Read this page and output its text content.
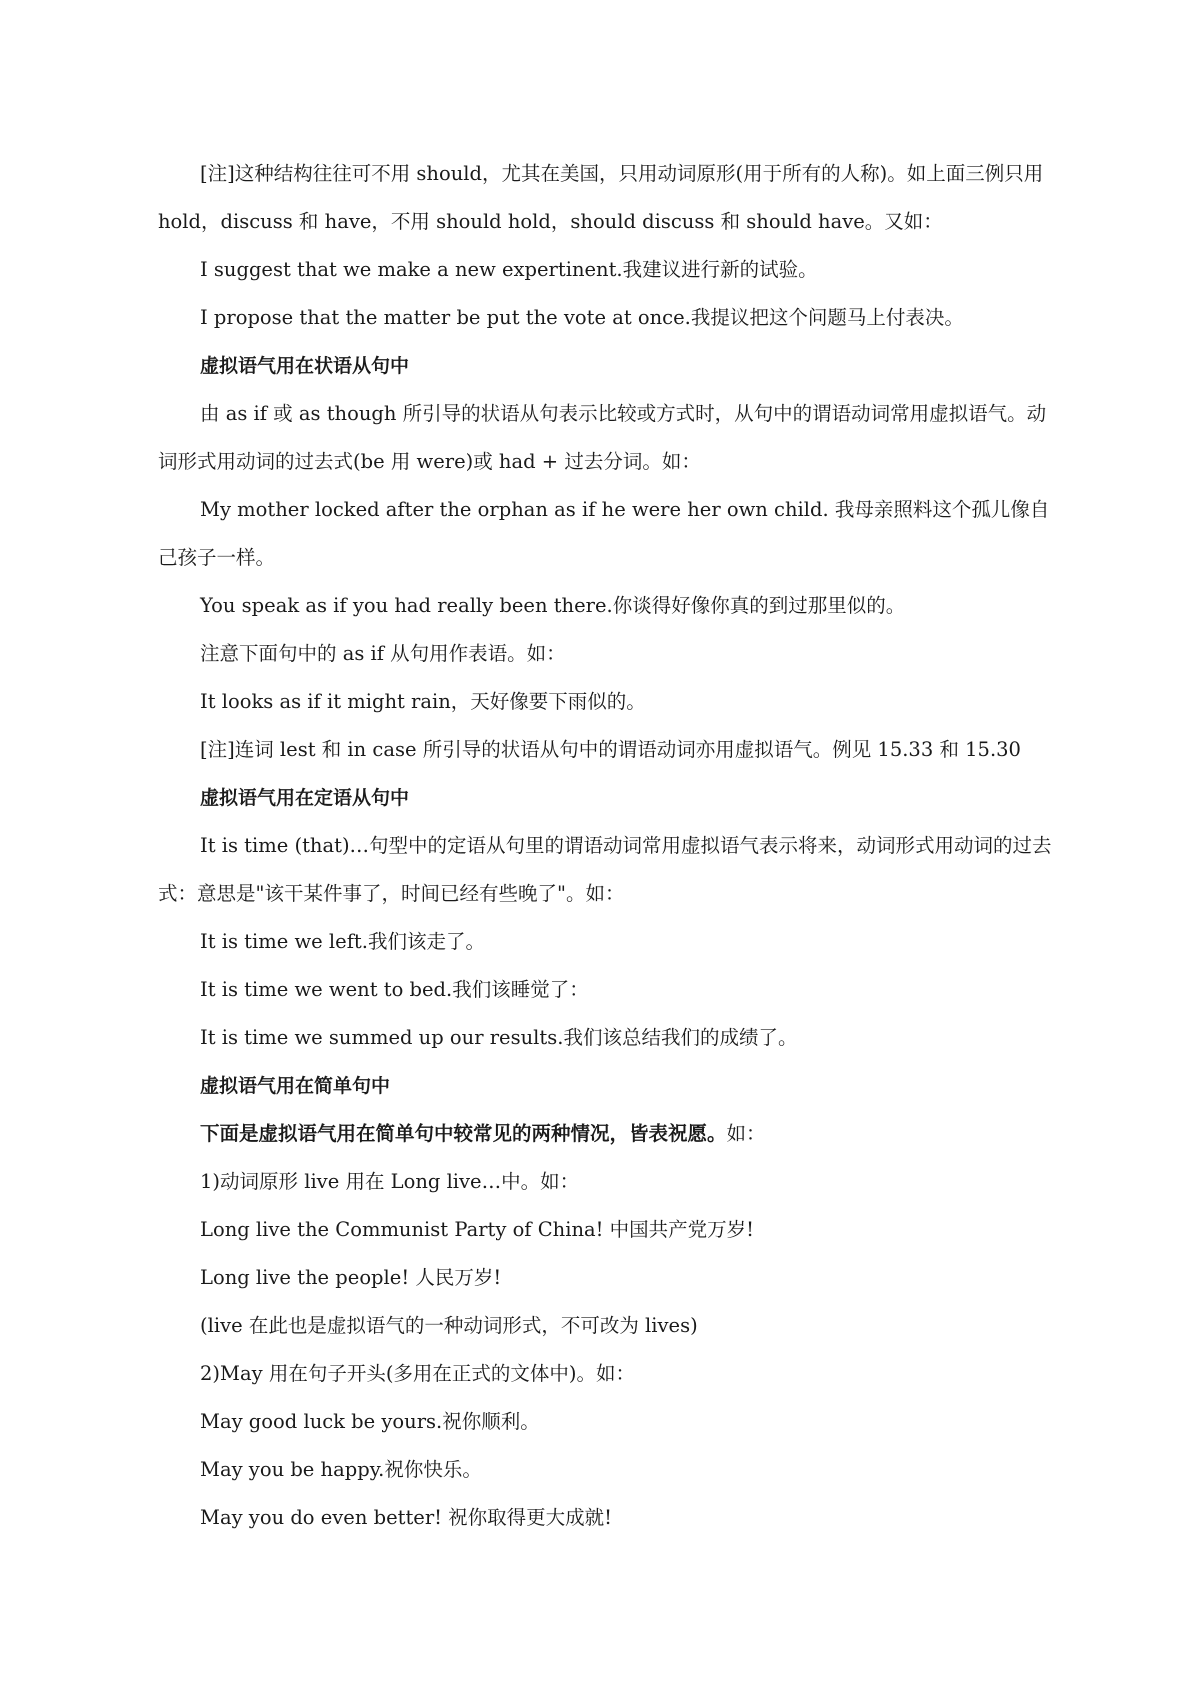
[注]这种结构往往可不用 should，尤其在美国，只用动词原形(用于所有的人称)。如上面三例只用 hold，discuss 和 have，不用 should hold，should discuss 和 should have。又如：

I suggest that we make a new expertinent.我建议进行新的试验。

I propose that the matter be put the vote at once.我提议把这个问题马上付表决。

虚拟语气用在状语从句中

由 as if 或 as though 所引导的状语从句表示比较或方式时，从句中的谓语动词常用虚拟语气。动词形式用动词的过去式(be 用 were)或 had + 过去分词。如：

My mother locked after the orphan as if he were her own child. 我母亲照料这个孤儿像自己孩子一样。

You speak as if you had really been there.你谈得好像你真的到过那里似的。

注意下面句中的 as if 从句用作表语。如：

It looks as if it might rain，天好像要下雨似的。

[注]连词 lest 和 in case 所引导的状语从句中的谓语动词亦用虚拟语气。例见 15.33 和 15.30

虚拟语气用在定语从句中

It is time (that)…句型中的定语从句里的谓语动词常用虚拟语气表示将来，动词形式用动词的过去式：意思是"该干某件事了，时间已经有些晚了"。如：

It is time we left.我们该走了。

It is time we went to bed.我们该睡觉了：

It is time we summed up our results.我们该总结我们的成绩了。

虚拟语气用在简单句中

下面是虚拟语气用在简单句中较常见的两种情况，皆表祝愿。如：

1)动词原形 live 用在 Long live…中。如：

Long live the Communist Party of China! 中国共产党万岁!

Long live the people! 人民万岁!

(live 在此也是虚拟语气的一种动词形式，不可改为 lives)

2)May 用在句子开头(多用在正式的文体中)。如：

May good luck be yours.祝你顺利。

May you be happy.祝你快乐。

May you do even better! 祝你取得更大成就!
